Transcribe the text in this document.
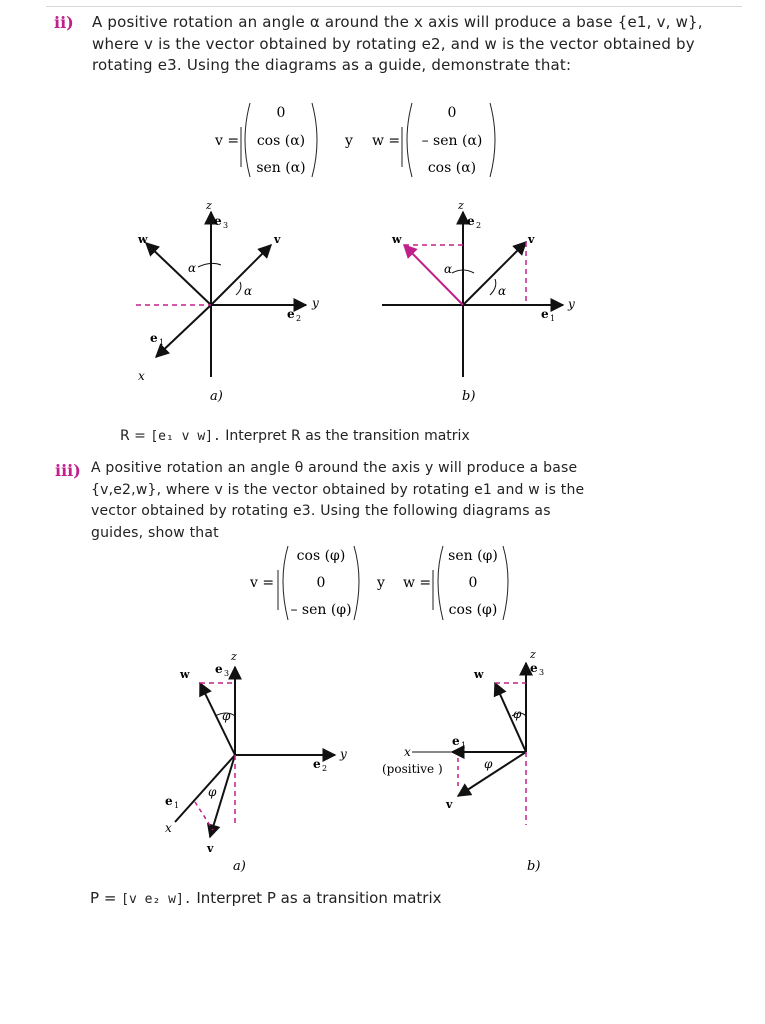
ii) A positive rotation an angle α around the x axis will produce a base {e1, v, w}, where v is the vector obtained by rotating e2, and w is the vector obtained by rotating e3. Using the diagrams as a guide, demonstrate that:
v =
0
cos (α)
sen (α)
y w =
0
– sen (α)
cos (α)
z
e 3
v
w
α
α
y
e 2
e 1
x
a)
z
e 2
v
w
α
α
y
e 1
b)
R = [e₁ v w]. Interpret R as the transition matrix
iii) A positive rotation an angle θ around the axis y will produce a base {v,e2,w}, where v is the vector obtained by rotating e1 and w is the vector obtained by rotating e3. Using the following diagrams as guides, show that
v =
cos (φ)
0
– sen (φ)
y w =
sen (φ)
0
cos (φ)
z
e 3
w
φ
y
e 2
φ
e 1
x
v
a)
z
e 3
w
φ
e 1
x
(positive )	φ
v
b)
P = [v e₂ w]. Interpret P as a transition matrix
